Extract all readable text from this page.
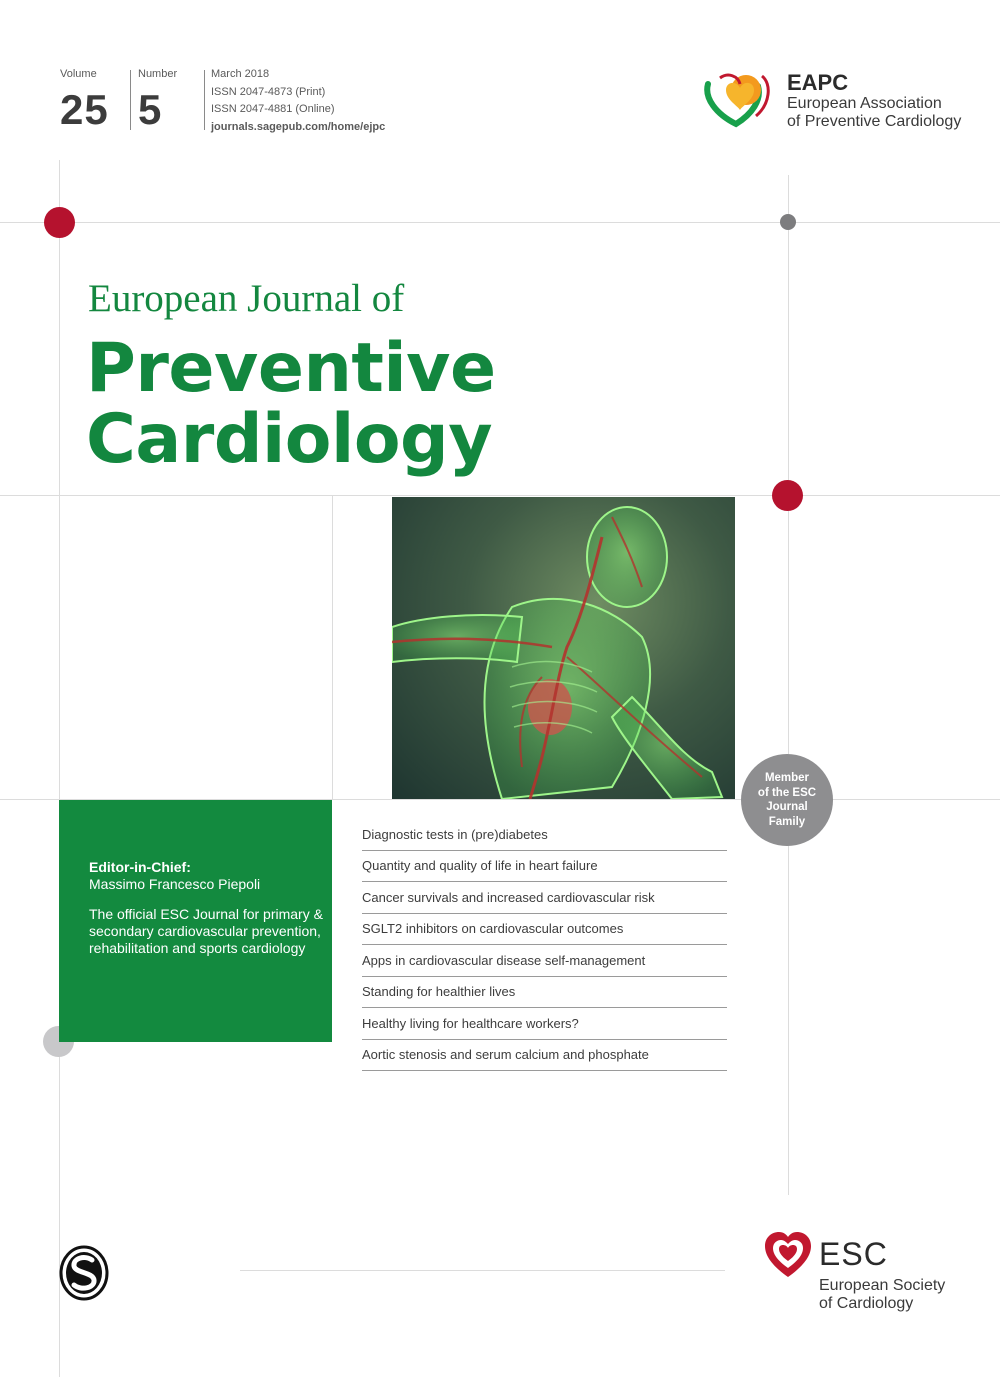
Volume
25
Number
5
March 2018
ISSN 2047-4873 (Print)
ISSN 2047-4881 (Online)
journals.sagepub.com/home/ejpc
EAPC
European Association
of Preventive Cardiology
European Journal of
Preventive
Cardiology
Member
of the ESC
Journal
Family
Editor-in-Chief:
Massimo Francesco Piepoli
The official ESC Journal for primary & secondary cardiovascular prevention, rehabilitation and sports cardiology
Diagnostic tests in (pre)diabetes
Quantity and quality of life in heart failure
Cancer survivals and increased cardiovascular risk
SGLT2 inhibitors on cardiovascular outcomes
Apps in cardiovascular disease self-management
Standing for healthier lives
Healthy living for healthcare workers?
Aortic stenosis and serum calcium and phosphate
ESC
European Society
of Cardiology
